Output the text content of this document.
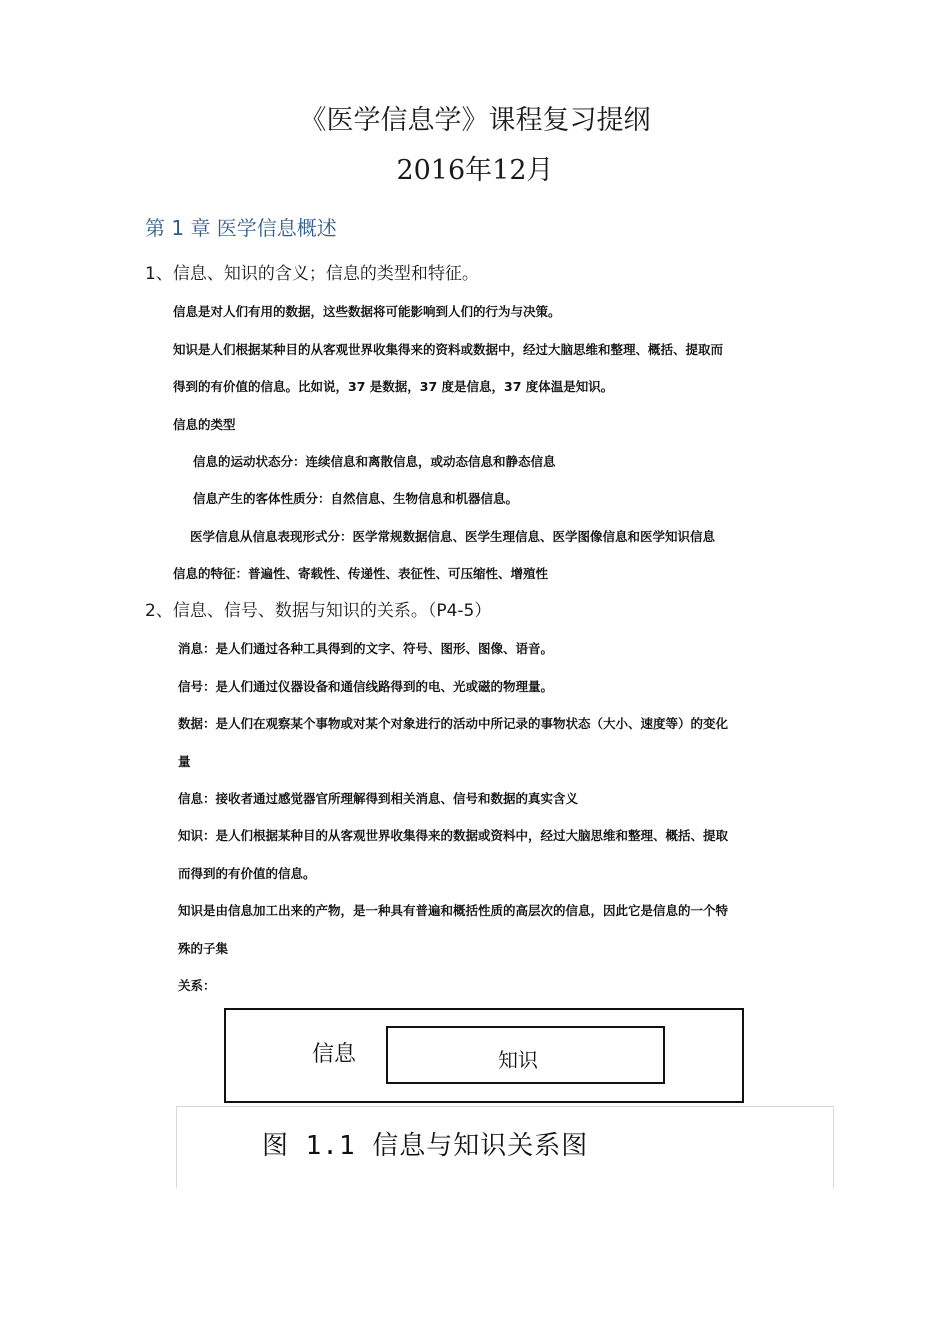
《医学信息学》课程复习提纲
2016年12月
第 1 章 医学信息概述
1、信息、知识的含义；信息的类型和特征。
信息是对人们有用的数据，这些数据将可能影响到人们的行为与决策。
知识是人们根据某种目的从客观世界收集得来的资料或数据中，经过大脑思维和整理、概括、提取而
得到的有价值的信息。比如说，37 是数据，37 度是信息，37 度体温是知识。
信息的类型
信息的运动状态分：连续信息和离散信息，或动态信息和静态信息
信息产生的客体性质分：自然信息、生物信息和机器信息。
医学信息从信息表现形式分：医学常规数据信息、医学生理信息、医学图像信息和医学知识信息
信息的特征：普遍性、寄载性、传递性、表征性、可压缩性、增殖性
2、信息、信号、数据与知识的关系。（P4-5）
消息：是人们通过各种工具得到的文字、符号、图形、图像、语音。
信号：是人们通过仪器设备和通信线路得到的电、光或磁的物理量。
数据：是人们在观察某个事物或对某个对象进行的活动中所记录的事物状态（大小、速度等）的变化
量
信息：接收者通过感觉器官所理解得到相关消息、信号和数据的真实含义
知识：是人们根据某种目的从客观世界收集得来的数据或资料中，经过大脑思维和整理、概括、提取
而得到的有价值的信息。
知识是由信息加工出来的产物，是一种具有普遍和概括性质的高层次的信息，因此它是信息的一个特
殊的子集
关系：
信息	知识
图 1.1 信息与知识关系图
